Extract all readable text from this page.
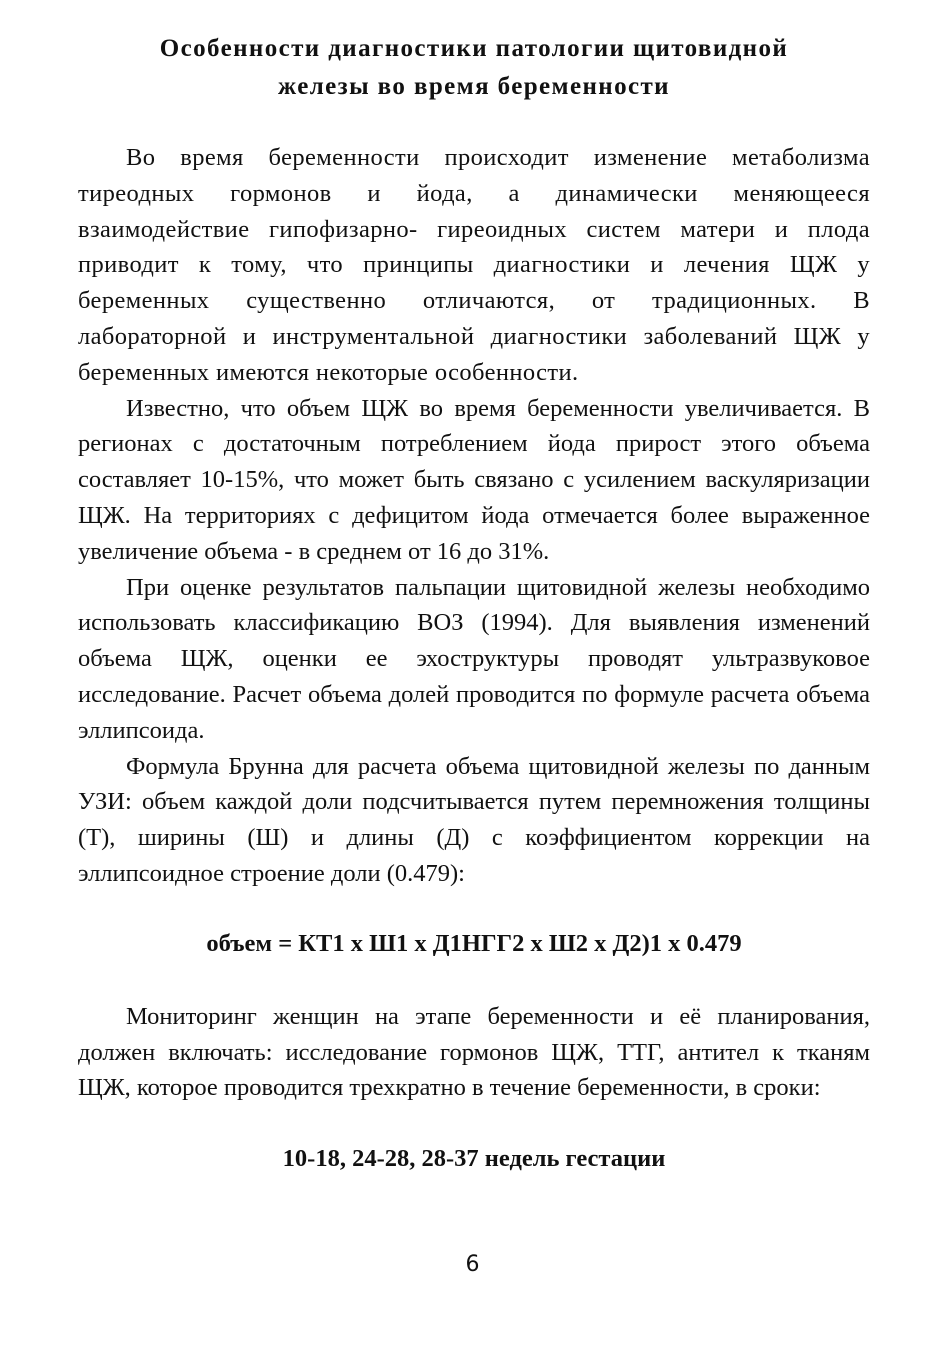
Особенности диагностики патологии щитовидной
железы во время беременности

Во время беременности происходит изменение метаболизма тиреодных гормонов и йода, а динамически меняющееся взаимодействие гипофизарно- гиреоидных систем матери и плода приводит к тому, что принципы диагностики и лечения ЩЖ у беременных существенно отличаются, от традиционных. В лабораторной и инструментальной диагностики заболеваний ЩЖ у беременных имеются некоторые особенности.

Известно, что объем ЩЖ во время беременности увеличивается. В регионах с достаточным потреблением йода прирост этого объема составляет 10-15%, что может быть связано с усилением васкуляризации ЩЖ. На территориях с дефицитом йода отмечается более выраженное увеличение объема - в среднем от 16 до 31%.

При оценке результатов пальпации щитовидной железы необходимо использовать классификацию ВОЗ (1994). Для выявления изменений объема ЩЖ, оценки ее эхоструктуры проводят ультразвуковое исследование. Расчет объема долей проводится по формуле расчета объема эллипсоида.

Формула Брунна для расчета объема щитовидной железы по данным УЗИ: объем каждой доли подсчитывается путем перемножения толщины (Т), ширины (Ш) и длины (Д) с коэффициентом коррекции на эллипсоидное строение доли (0.479):

объем = КТ1 х Ш1 х Д1НГГ2 х Ш2 х Д2)1 х 0.479

Мониторинг женщин на этапе беременности и её планирования, должен включать: исследование гормонов ЩЖ, ТТГ, антител к тканям ЩЖ, которое проводится трехкратно в течение беременности, в сроки:

10-18, 24-28, 28-37 недель гестации
6
